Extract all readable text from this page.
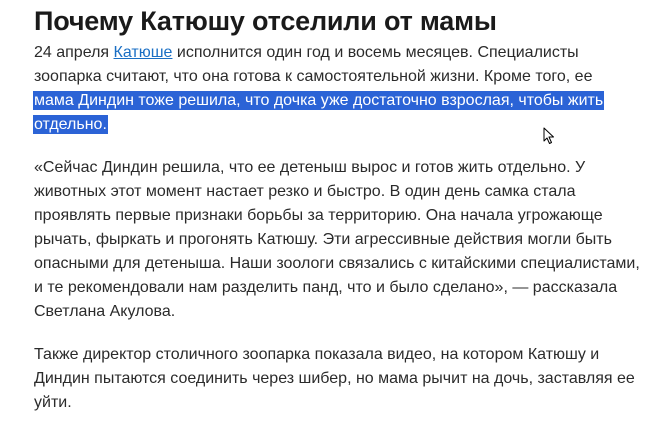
Почему Катюшу отселили от мамы

24 апреля Катюше исполнится один год и восемь месяцев. Специалисты
зоопарка считают, что она готова к самостоятельной жизни. Кроме того, ее
мама Диндин тоже решила, что дочка уже достаточно взрослая, чтобы жить
отдельно.

«Сейчас Диндин решила, что ее детеныш вырос и готов жить отдельно. У
животных этот момент настает резко и быстро. В один день самка стала
проявлять первые признаки борьбы за территорию. Она начала угрожающе
рычать, фыркать и прогонять Катюшу. Эти агрессивные действия могли быть
опасными для детеныша. Наши зоологи связались с китайскими специалистами,
и те рекомендовали нам разделить панд, что и было сделано», — рассказала
Светлана Акулова.

Также директор столичного зоопарка показала видео, на котором Катюшу и
Диндин пытаются соединить через шибер, но мама рычит на дочь, заставляя ее
уйти.
